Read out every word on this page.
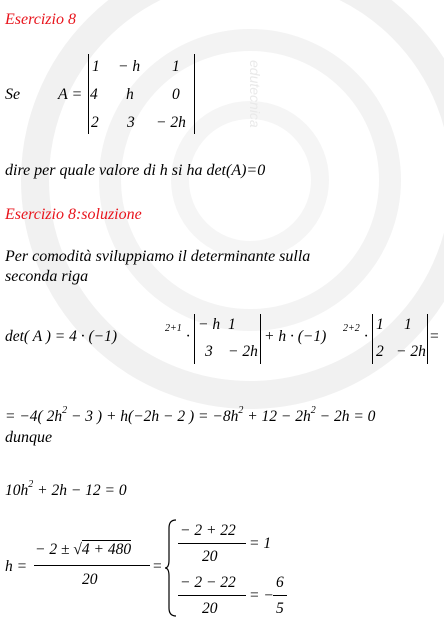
edutecnica
Esercizio 8
Se A =
1 − h 1
4 h 0
2 3 − 2h
dire per quale valore di h si ha det(A)=0
Esercizio 8:soluzione
Per comodità sviluppiamo il determinante sulla
seconda riga
det( A ) = 4 · (−1)	2+1 ·
− h 1
3 − 2h
+ h · (−1) 2+2 ·
1 1
2 − 2h
=
= −4( $2h^2 - 3$ ) + h(−2h − 2 ) = $-8h^2 + 12 - 2h^2 - 2h = 0$
dunque
$10h^2 + 2h - 12 = 0$
h =
− 2 ± √4 + 480
20
=
− 2 + 22
20
= 1
− 2 − 22
20
= −
6
5
